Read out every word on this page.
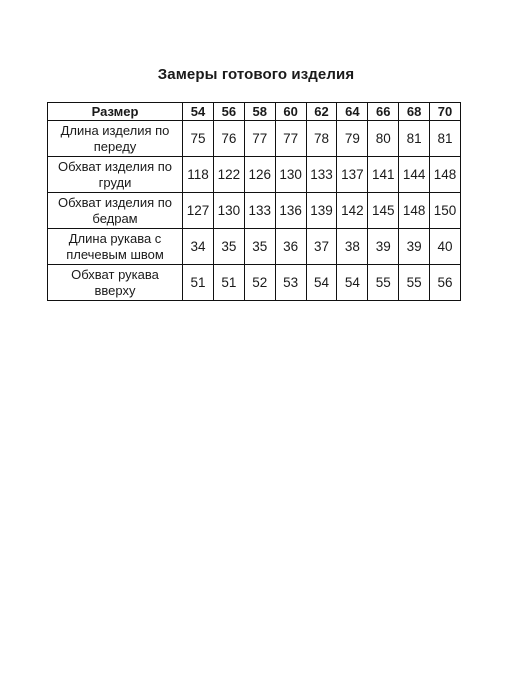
Замеры готового изделия
Размер	54	56	58	60	62	64	66	68	70
Длина изделия по переду	75	76	77	77	78	79	80	81	81
Обхват изделия по груди	118	122	126	130	133	137	141	144	148
Обхват изделия по бедрам	127	130	133	136	139	142	145	148	150
Длина рукава с плечевым швом	34	35	35	36	37	38	39	39	40
Обхват рукава вверху	51	51	52	53	54	54	55	55	56
